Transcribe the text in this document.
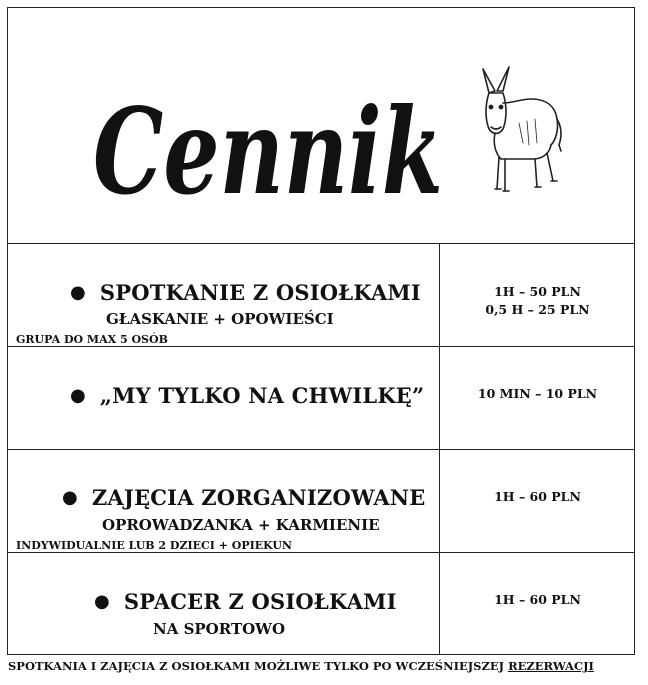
Cennik
● SPOTKANIE Z OSIOŁKAMI
GŁASKANIE + OPOWIEŚCI
GRUPA DO MAX 5 OSÓB
1H – 50 PLN
0,5 H – 25 PLN
● „MY TYLKO NA CHWILKĘ”	10 MIN – 10 PLN
● ZAJĘCIA ZORGANIZOWANE
OPROWADZANKA + KARMIENIE
INDYWIDUALNIE LUB 2 DZIECI + OPIEKUN
1H – 60 PLN
● SPACER Z OSIOŁKAMI
NA SPORTOWO
1H – 60 PLN
SPOTKANIA I ZAJĘCIA Z OSIOŁKAMI MOŻLIWE TYLKO PO WCZEŚNIEJSZEJ REZERWACJI
